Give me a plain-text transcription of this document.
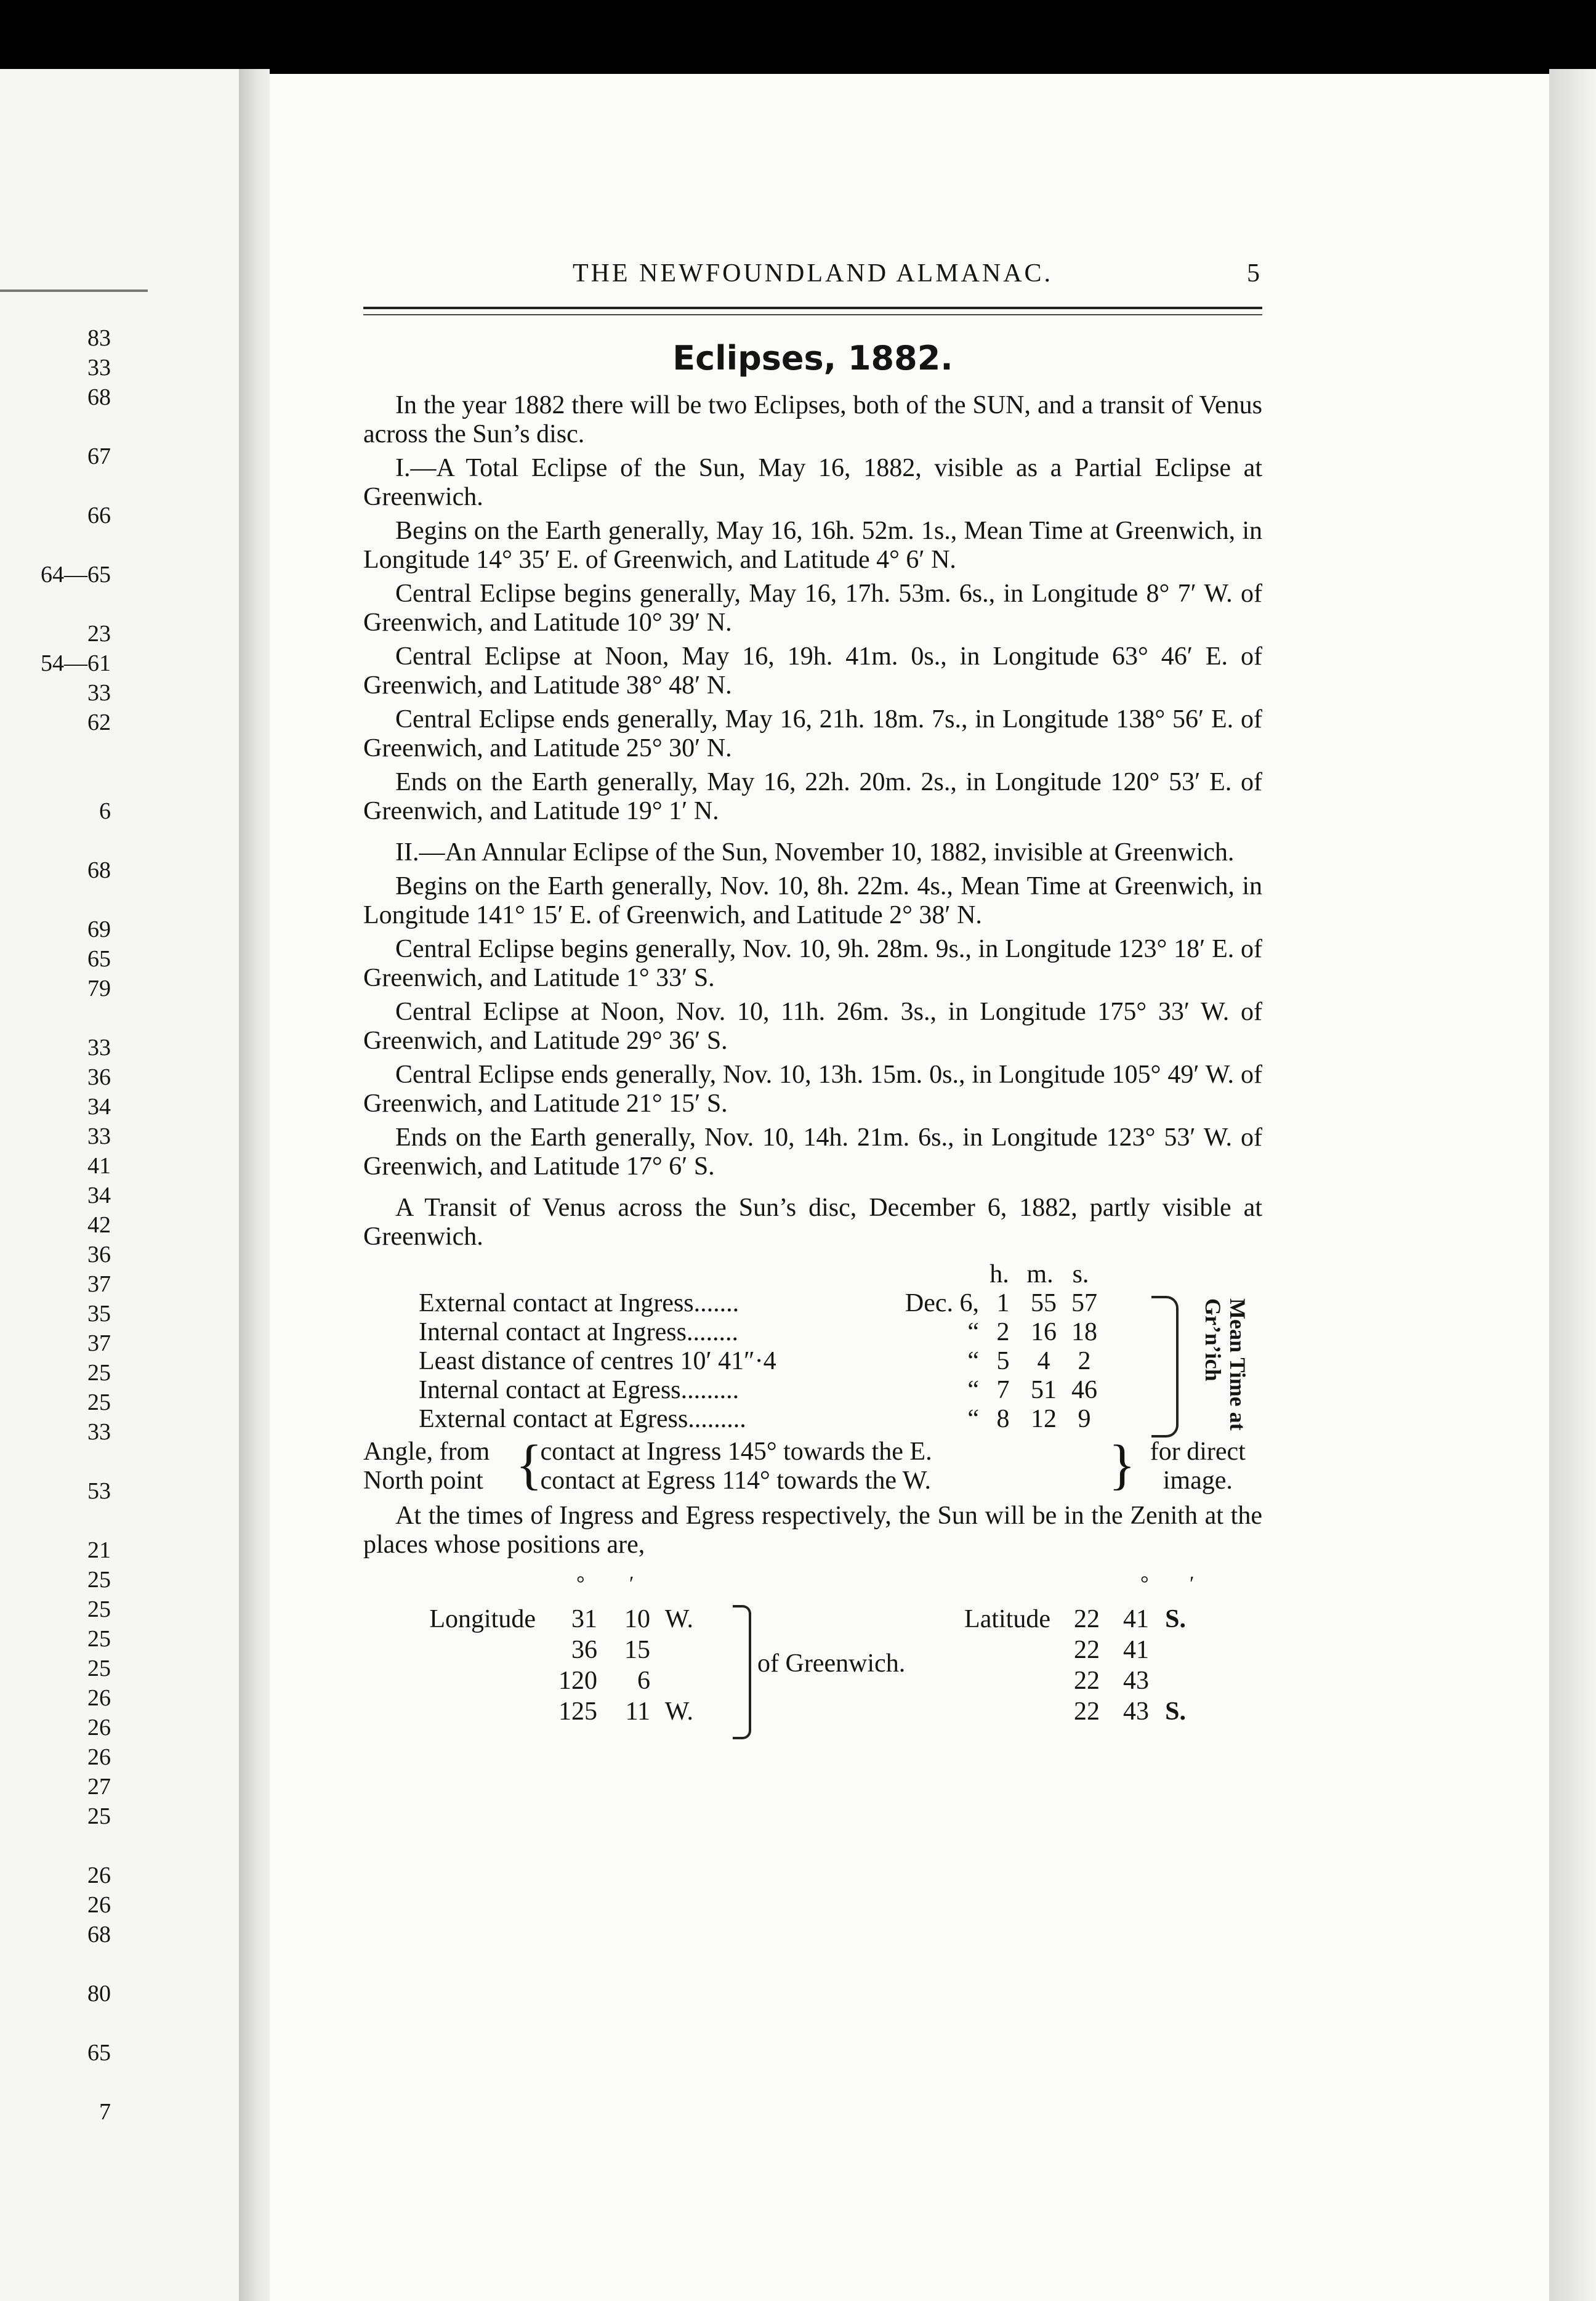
83
33
68
67
66
64—65
23
54—61
33
62
6
68
69
65
79
33
36
34
33
41
34
42
36
37
35
37
25
25
33
53
21
25
25
25
25
26
26
26
27
25
26
26
68
80
65
7
THE NEWFOUNDLAND ALMANAC.	5
Eclipses, 1882.

In the year 1882 there will be two Eclipses, both of the SUN, and a transit of Venus across the Sun’s disc.

I.—A Total Eclipse of the Sun, May 16, 1882, visible as a Partial Eclipse at Greenwich.

Begins on the Earth generally, May 16, 16h. 52m. 1s., Mean Time at Greenwich, in Longitude 14° 35′ E. of Greenwich, and Latitude 4° 6′ N.

Central Eclipse begins generally, May 16, 17h. 53m. 6s., in Longitude 8° 7′ W. of Greenwich, and Latitude 10° 39′ N.

Central Eclipse at Noon, May 16, 19h. 41m. 0s., in Longitude 63° 46′ E. of Greenwich, and Latitude 38° 48′ N.

Central Eclipse ends generally, May 16, 21h. 18m. 7s., in Longitude 138° 56′ E. of Greenwich, and Latitude 25° 30′ N.

Ends on the Earth generally, May 16, 22h. 20m. 2s., in Longitude 120° 53′ E. of Greenwich, and Latitude 19° 1′ N.

II.—An Annular Eclipse of the Sun, November 10, 1882, invisible at Greenwich.

Begins on the Earth generally, Nov. 10, 8h. 22m. 4s., Mean Time at Greenwich, in Longitude 141° 15′ E. of Greenwich, and Latitude 2° 38′ N.

Central Eclipse begins generally, Nov. 10, 9h. 28m. 9s., in Longitude 123° 18′ E. of Greenwich, and Latitude 1° 33′ S.

Central Eclipse at Noon, Nov. 10, 11h. 26m. 3s., in Longitude 175° 33′ W. of Greenwich, and Latitude 29° 36′ S.

Central Eclipse ends generally, Nov. 10, 13h. 15m. 0s., in Longitude 105° 49′ W. of Greenwich, and Latitude 21° 15′ S.

Ends on the Earth generally, Nov. 10, 14h. 21m. 6s., in Longitude 123° 53′ W. of Greenwich, and Latitude 17° 6′ S.

A Transit of Venus across the Sun’s disc, December 6, 1882, partly visible at Greenwich.

h. m. s.
External contact at Ingress.......	Dec. 6, 1 55 57
Internal contact at Ingress........	“ 2 16 18
Least distance of centres 10′ 41″·4	“ 5	4	2
Internal contact at Egress.........	“ 7 51 46
External contact at Egress.........	“ 8 12 9	Mean Time at Gr’n’ich
Angle, from
North point {
contact at Ingress 145° towards the E.
contact at Egress 114° towards the W.	} for direct
image.

At the times of Ingress and Egress respectively, the Sun will be in the Zenith at the places whose positions are,

° ′	° ′
Longitude	31	10 W.	Latitude 22 41 S.
36	15	22 41
120	6	22 43
125	11 W.	22 43 S.
of Greenwich.
